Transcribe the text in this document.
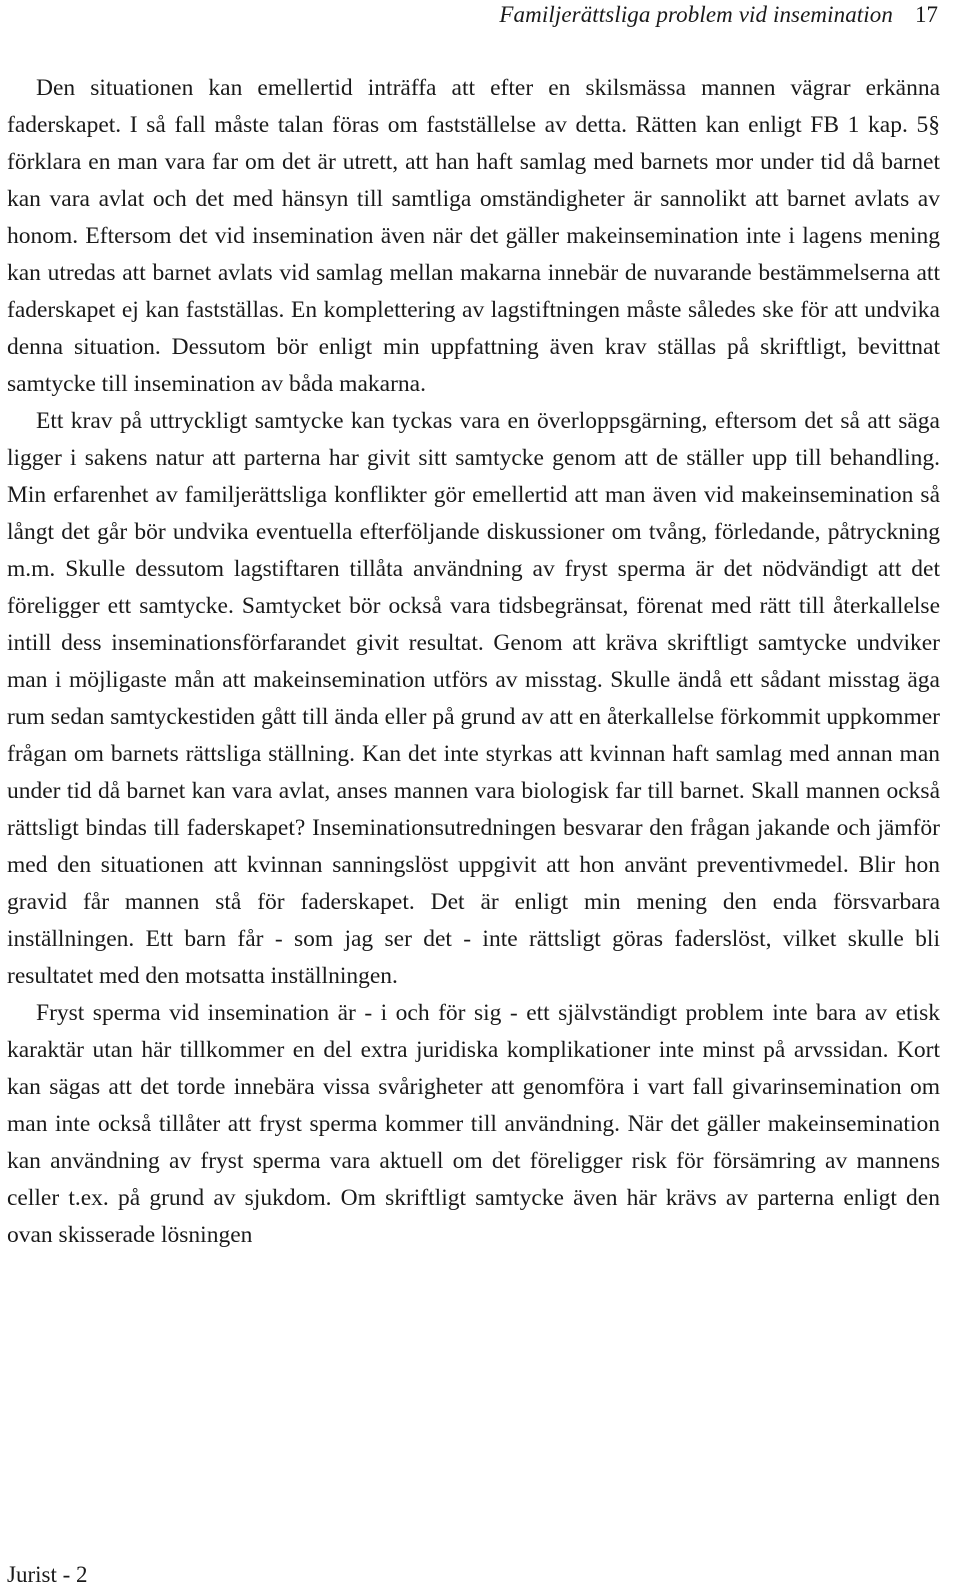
Familjerättsliga problem vid insemination 17

Den situationen kan emellertid inträffa att efter en skilsmässa mannen vägrar erkänna faderskapet. I så fall måste talan föras om fastställelse av detta. Rätten kan enligt FB 1 kap. 5§ förklara en man vara far om det är utrett, att han haft samlag med barnets mor under tid då barnet kan vara avlat och det med hänsyn till samtliga omständigheter är sannolikt att barnet avlats av honom. Eftersom det vid insemination även när det gäller makeinsemination inte i lagens mening kan utredas att barnet avlats vid samlag mellan makarna innebär de nuvarande bestämmelserna att faderskapet ej kan fastställas. En komplettering av lagstiftningen måste således ske för att undvika denna situation. Dessutom bör enligt min uppfattning även krav ställas på skriftligt, bevittnat samtycke till insemination av båda makarna.

Ett krav på uttryckligt samtycke kan tyckas vara en överloppsgärning, eftersom det så att säga ligger i sakens natur att parterna har givit sitt samtycke genom att de ställer upp till behandling. Min erfarenhet av familjerättsliga konflikter gör emellertid att man även vid makeinsemination så långt det går bör undvika eventuella efterföljande diskussioner om tvång, förledande, påtryckning m.m. Skulle dessutom lagstiftaren tillåta användning av fryst sperma är det nödvändigt att det föreligger ett samtycke. Samtycket bör också vara tidsbegränsat, förenat med rätt till återkallelse intill dess inseminationsförfarandet givit resultat. Genom att kräva skriftligt samtycke undviker man i möjligaste mån att makeinsemination utförs av misstag. Skulle ändå ett sådant misstag äga rum sedan samtyckestiden gått till ända eller på grund av att en återkallelse förkommit uppkommer frågan om barnets rättsliga ställning. Kan det inte styrkas att kvinnan haft samlag med annan man under tid då barnet kan vara avlat, anses mannen vara biologisk far till barnet. Skall mannen också rättsligt bindas till faderskapet? Inseminationsutredningen besvarar den frågan jakande och jämför med den situationen att kvinnan sanningslöst uppgivit att hon använt preventivmedel. Blir hon gravid får mannen stå för faderskapet. Det är enligt min mening den enda försvarbara inställningen. Ett barn får - som jag ser det - inte rättsligt göras faderslöst, vilket skulle bli resultatet med den motsatta inställningen.

Fryst sperma vid insemination är - i och för sig - ett självständigt problem inte bara av etisk karaktär utan här tillkommer en del extra juridiska komplikationer inte minst på arvssidan. Kort kan sägas att det torde innebära vissa svårigheter att genomföra i vart fall givarinsemination om man inte också tillåter att fryst sperma kommer till användning. När det gäller makeinsemination kan användning av fryst sperma vara aktuell om det föreligger risk för försämring av mannens celler t.ex. på grund av sjukdom. Om skriftligt samtycke även här krävs av parterna enligt den ovan skisserade lösningen

Jurist - 2
